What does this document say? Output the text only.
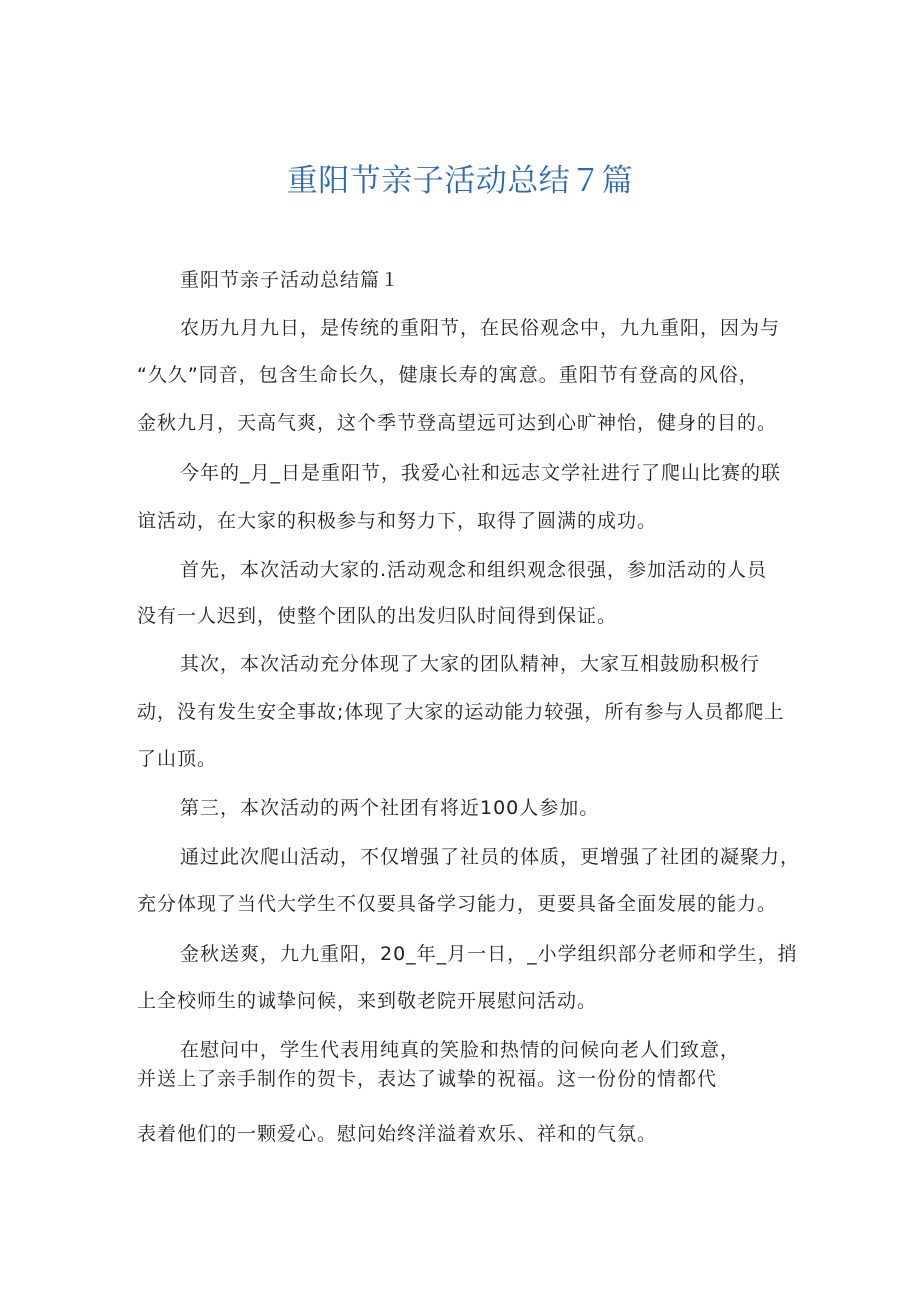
重阳节亲子活动总结７篇
重阳节亲子活动总结篇１
农历九月九日，是传统的重阳节，在民俗观念中，九九重阳，因为与
“久久”同音，包含生命长久，健康长寿的寓意。重阳节有登高的风俗，
金秋九月，天高气爽，这个季节登高望远可达到心旷神怡，健身的目的。
今年的_月_日是重阳节，我爱心社和远志文学社进行了爬山比赛的联
谊活动，在大家的积极参与和努力下，取得了圆满的成功。
首先，本次活动大家的.活动观念和组织观念很强，参加活动的人员
没有一人迟到，使整个团队的出发归队时间得到保证。
其次，本次活动充分体现了大家的团队精神，大家互相鼓励积极行
动，没有发生安全事故;体现了大家的运动能力较强，所有参与人员都爬上
了山顶。
第三，本次活动的两个社团有将近100人参加。
通过此次爬山活动，不仅增强了社员的体质，更增强了社团的凝聚力，
充分体现了当代大学生不仅要具备学习能力，更要具备全面发展的能力。
金秋送爽，九九重阳，20_年_月一日，_小学组织部分老师和学生，捎
上全校师生的诚挚问候，来到敬老院开展慰问活动。
在慰问中，学生代表用纯真的笑脸和热情的问候向老人们致意，
并送上了亲手制作的贺卡，表达了诚挚的祝福。这一份份的情都代
表着他们的一颗爱心。慰问始终洋溢着欢乐、祥和的气氛。
